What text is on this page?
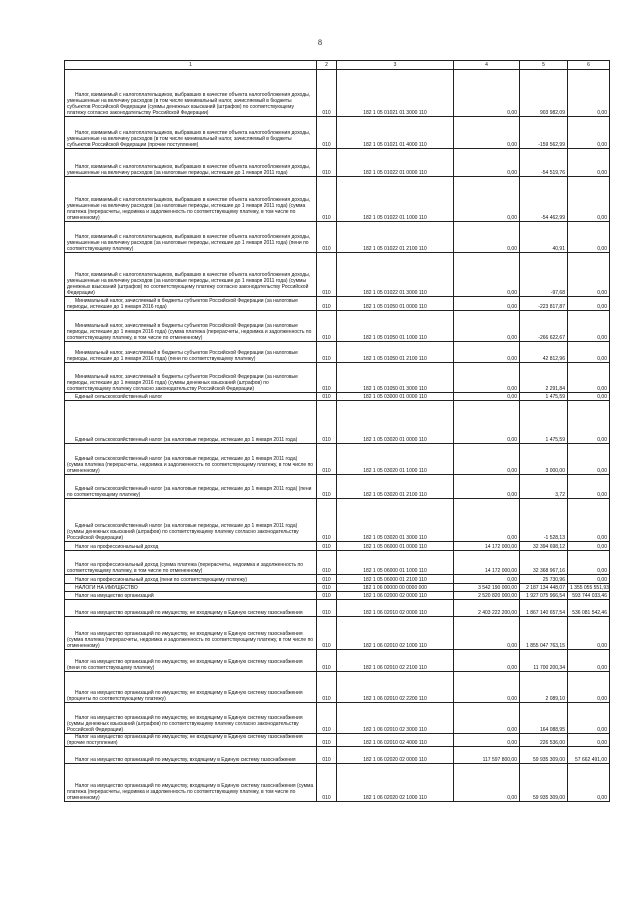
8
1	2	3	4	5	6

Налог, взимаемый с налогоплательщиков, выбравших в качестве объекта налогообложения доходы, уменьшенные на величину расходов (в том числе минимальный налог, зачисляемый в бюджеты субъектов Российской Федерации (суммы денежных взысканий (штрафов) по соответствующему платежу согласно законодательству Российской Федерации)	010	182 1 05 01021 01 3000 110	0,00	903 982,09	0,00

Налог, взимаемый с налогоплательщиков, выбравших в качестве объекта налогообложения доходы, уменьшенные на величину расходов (в том числе минимальный налог, зачисляемый в бюджеты субъектов Российской Федерации (прочие поступления)	010	182 1 05 01021 01 4000 110	0,00	-159 562,99	0,00

Налог, взимаемый с налогоплательщиков, выбравших в качестве объекта налогообложения доходы, уменьшенные на величину расходов (за налоговые периоды, истекшие до 1 января 2011 года)	010	182 1 05 01022 01 0000 110	0,00	-54 519,76	0,00

Налог, взимаемый с налогоплательщиков, выбравших в качестве объекта налогообложения доходы, уменьшенные на величину расходов (за налоговые периоды, истекшие до 1 января 2011 года) (сумма платежа (перерасчеты, недоимка и задолженность по соответствующему платежу, в том числе по отмененному)	010	182 1 05 01022 01 1000 110	0,00	-54 462,99	0,00

Налог, взимаемый с налогоплательщиков, выбравших в качестве объекта налогообложения доходы, уменьшенные на величину расходов (за налоговые периоды, истекшие до 1 января 2011 года) (пени по соответствующему платежу)	010	182 1 05 01022 01 2100 110	0,00	40,91	0,00

Налог, взимаемый с налогоплательщиков, выбравших в качестве объекта налогообложения доходы, уменьшенные на величину расходов (за налоговые периоды, истекшие до 1 января 2011 года) (суммы денежных взысканий (штрафов) по соответствующему платежу согласно законодательству Российской Федерации)	010	182 1 05 01022 01 3000 110	0,00	-97,68	0,00

Минимальный налог, зачисляемый в бюджеты субъектов Российской Федерации (за налоговые периоды, истекшие до 1 января 2016 года)	010	182 1 05 01050 01 0000 110	0,00	-223 817,87	0,00

Минимальный налог, зачисляемый в бюджеты субъектов Российской Федерации (за налоговые периоды, истекшие до 1 января 2016 года) (сумма платежа (перерасчеты, недоимка и задолженность по соответствующему платежу, в том числе по отмененному)	010	182 1 05 01050 01 1000 110	0,00	-266 622,67	0,00

Минимальный налог, зачисляемый в бюджеты субъектов Российской Федерации (за налоговые периоды, истекшие до 1 января 2016 года) (пени по соответствующему платежу)	010	182 1 05 01050 01 2100 110	0,00	42 812,96	0,00

Минимальный налог, зачисляемый в бюджеты субъектов Российской Федерации (за налоговые периоды, истекшие до 1 января 2016 года) (суммы денежных взысканий (штрафов) по соответствующему платежу согласно законодательству Российской Федерации)	010	182 1 05 01050 01 3000 110	0,00	2 291,84	0,00

Единый сельскохозяйственный налог	010	182 1 05 03000 01 0000 110	0,00	1 475,59	0,00

Единый сельскохозяйственный налог (за налоговые периоды, истекшие до 1 января 2011 года)	010	182 1 05 03020 01 0000 110	0,00	1 475,59	0,00

Единый сельскохозяйственный налог (за налоговые периоды, истекшие до 1 января 2011 года) (сумма платежа (перерасчеты, недоимка и задолженность по соответствующему платежу, в том числе по отмененному)	010	182 1 05 03020 01 1000 110	0,00	3 000,00	0,00

Единый сельскохозяйственный налог (за налоговые периоды, истекшие до 1 января 2011 года) (пени по соответствующему платежу)	010	182 1 05 03020 01 2100 110	0,00	3,72	0,00

Единый сельскохозяйственный налог (за налоговые периоды, истекшие до 1 января 2011 года) (суммы денежных взысканий (штрафов) по соответствующему платежу согласно законодательству Российской Федерации)	010	182 1 05 03020 01 3000 110	0,00	-1 528,13	0,00

Налог на профессиональный доход	010	182 1 05 06000 01 0000 110	14 172 000,00	32 394 698,12	0,00

Налог на профессиональный доход (сумма платежа (перерасчеты, недоимка и задолженность по соответствующему платежу, в том числе по отмененному)	010	182 1 05 06000 01 1000 110	14 172 000,00	32 368 967,16	0,00

Налог на профессиональный доход (пени по соответствующему платежу)	010	182 1 05 06000 01 2100 110	0,00	25 730,96	0,00

НАЛОГИ НА ИМУЩЕСТВО	010	182 1 06 00000 00 0000 000	3 542 190 000,00	2 187 134 448,07	1 355 055 551,93

Налог на имущество организаций	010	182 1 06 02000 02 0000 110	2 520 820 000,00	1 927 075 966,54	593 744 033,46

Налог на имущество организаций по имуществу, не входящему в Единую систему газоснабжения	010	182 1 06 02010 02 0000 110	2 403 222 200,00	1 867 140 657,54	536 081 542,46

Налог на имущество организаций по имуществу, не входящему в Единую систему газоснабжения (сумма платежа (перерасчеты, недоимка и задолженность по соответствующему платежу, в том числе по отмененному)	010	182 1 06 02010 02 1000 110	0,00	1 855 047 763,15	0,00

Налог на имущество организаций по имуществу, не входящему в Единую систему газоснабжения (пени по соответствующему платежу)	010	182 1 06 02010 02 2100 110	0,00	11 700 200,34	0,00

Налог на имущество организаций по имуществу, не входящему в Единую систему газоснабжения (проценты по соответствующему платежу)	010	182 1 06 02010 02 2200 110	0,00	2 089,10	0,00

Налог на имущество организаций по имуществу, не входящему в Единую систему газоснабжения (суммы денежных взысканий (штрафов) по соответствующему платежу согласно законодательству Российской Федерации)	010	182 1 06 02010 02 3000 110	0,00	164 088,95	0,00

Налог на имущество организаций по имуществу, не входящему в Единую систему газоснабжения (прочие поступления)	010	182 1 06 02010 02 4000 110	0,00	226 536,00	0,00

Налог на имущество организаций по имуществу, входящему в Единую систему газоснабжения	010	182 1 06 02020 02 0000 110	117 597 800,00	59 935 309,00	57 662 491,00

Налог на имущество организаций по имуществу, входящему в Единую систему газоснабжения (сумма платежа (перерасчеты, недоимка и задолженность по соответствующему платежу, в том числе по отмененному)	010	182 1 06 02020 02 1000 110	0,00	59 935 309,00	0,00
